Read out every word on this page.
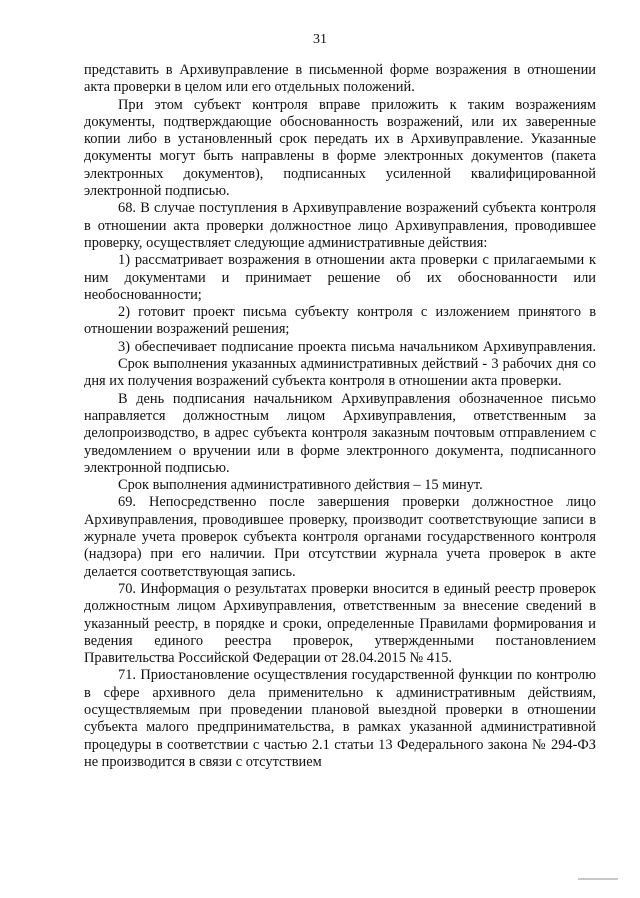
31

представить в Архивуправление в письменной форме возражения в отношении акта проверки в целом или его отдельных положений.

При этом субъект контроля вправе приложить к таким возражениям документы, подтверждающие обоснованность возражений, или их заверенные копии либо в установленный срок передать их в Архивуправление. Указанные документы могут быть направлены в форме электронных документов (пакета электронных документов), подписанных усиленной квалифицированной электронной подписью.

68. В случае поступления в Архивуправление возражений субъекта контроля в отношении акта проверки должностное лицо Архивуправления, проводившее проверку, осуществляет следующие административные действия:

1) рассматривает возражения в отношении акта проверки с прилагаемыми к ним документами и принимает решение об их обоснованности или необоснованности;

2) готовит проект письма субъекту контроля с изложением принятого в отношении возражений решения;

3) обеспечивает подписание проекта письма начальником Архивуправления.

Срок выполнения указанных административных действий - 3 рабочих дня со дня их получения возражений субъекта контроля в отношении акта проверки.

В день подписания начальником Архивуправления обозначенное письмо направляется должностным лицом Архивуправления, ответственным за делопроизводство, в адрес субъекта контроля заказным почтовым отправлением с уведомлением о вручении или в форме электронного документа, подписанного электронной подписью.

Срок выполнения административного действия – 15 минут.

69. Непосредственно после завершения проверки должностное лицо Архивуправления, проводившее проверку, производит соответствующие записи в журнале учета проверок субъекта контроля органами государственного контроля (надзора) при его наличии. При отсутствии журнала учета проверок в акте делается соответствующая запись.

70. Информация о результатах проверки вносится в единый реестр проверок должностным лицом Архивуправления, ответственным за внесение сведений в указанный реестр, в порядке и сроки, определенные Правилами формирования и ведения единого реестра проверок, утвержденными постановлением Правительства Российской Федерации от 28.04.2015 № 415.

71. Приостановление осуществления государственной функции по контролю в сфере архивного дела применительно к административным действиям, осуществляемым при проведении плановой выездной проверки в отношении субъекта малого предпринимательства, в рамках указанной административной процедуры в соответствии с частью 2.1 статьи 13 Федерального закона № 294-ФЗ не производится в связи с отсутствием
